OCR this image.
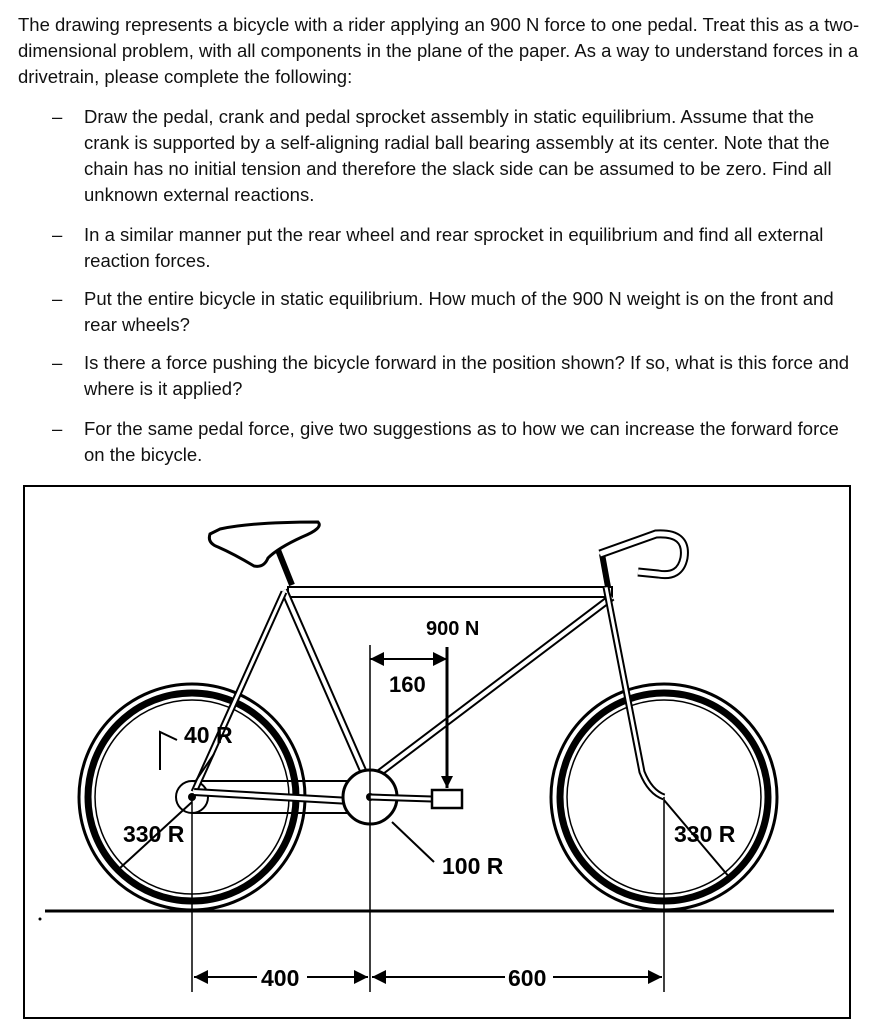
The drawing represents a bicycle with a rider applying an 900 N force to one pedal. Treat this as a two-dimensional problem, with all components in the plane of the paper. As a way to understand forces in a drivetrain, please complete the following:

– Draw the pedal, crank and pedal sprocket assembly in static equilibrium. Assume that the crank is supported by a self-aligning radial ball bearing assembly at its center. Note that the chain has no initial tension and therefore the slack side can be assumed to be zero. Find all unknown external reactions.
– In a similar manner put the rear wheel and rear sprocket in equilibrium and find all external reaction forces.
– Put the entire bicycle in static equilibrium. How much of the 900 N weight is on the front and rear wheels?
– Is there a force pushing the bicycle forward in the position shown? If so, what is this force and where is it applied?
– For the same pedal force, give two suggestions as to how we can increase the forward force on the bicycle.
900 N
160
40 R
330 R	330 R
100 R
400	600
